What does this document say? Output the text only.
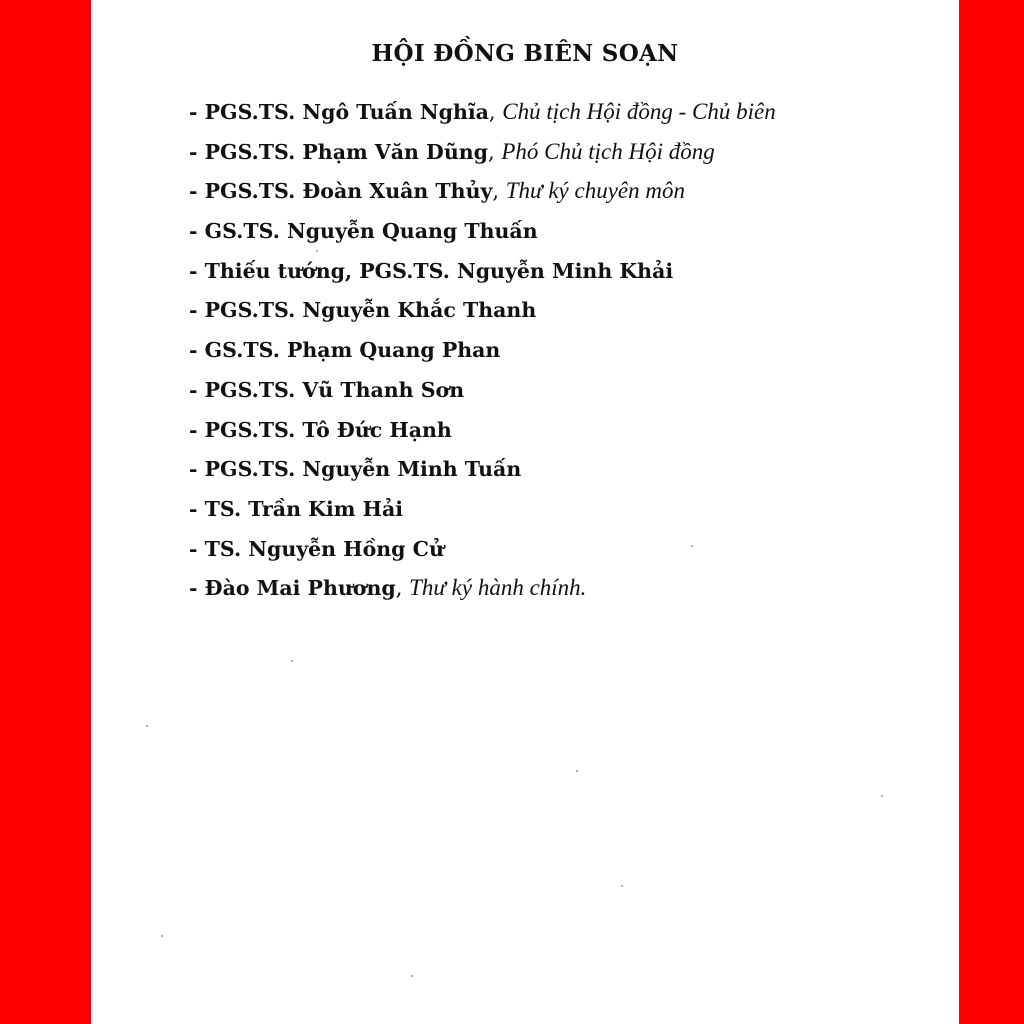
HỘI ĐỒNG BIÊN SOẠN
- PGS.TS. Ngô Tuấn Nghĩa, Chủ tịch Hội đồng - Chủ biên
- PGS.TS. Phạm Văn Dũng, Phó Chủ tịch Hội đồng
- PGS.TS. Đoàn Xuân Thủy, Thư ký chuyên môn
- GS.TS. Nguyễn Quang Thuấn
- Thiếu tướng, PGS.TS. Nguyễn Minh Khải
- PGS.TS. Nguyễn Khắc Thanh
- GS.TS. Phạm Quang Phan
- PGS.TS. Vũ Thanh Sơn
- PGS.TS. Tô Đức Hạnh
- PGS.TS. Nguyễn Minh Tuấn
- TS. Trần Kim Hải
- TS. Nguyễn Hồng Cử
- Đào Mai Phương, Thư ký hành chính.
